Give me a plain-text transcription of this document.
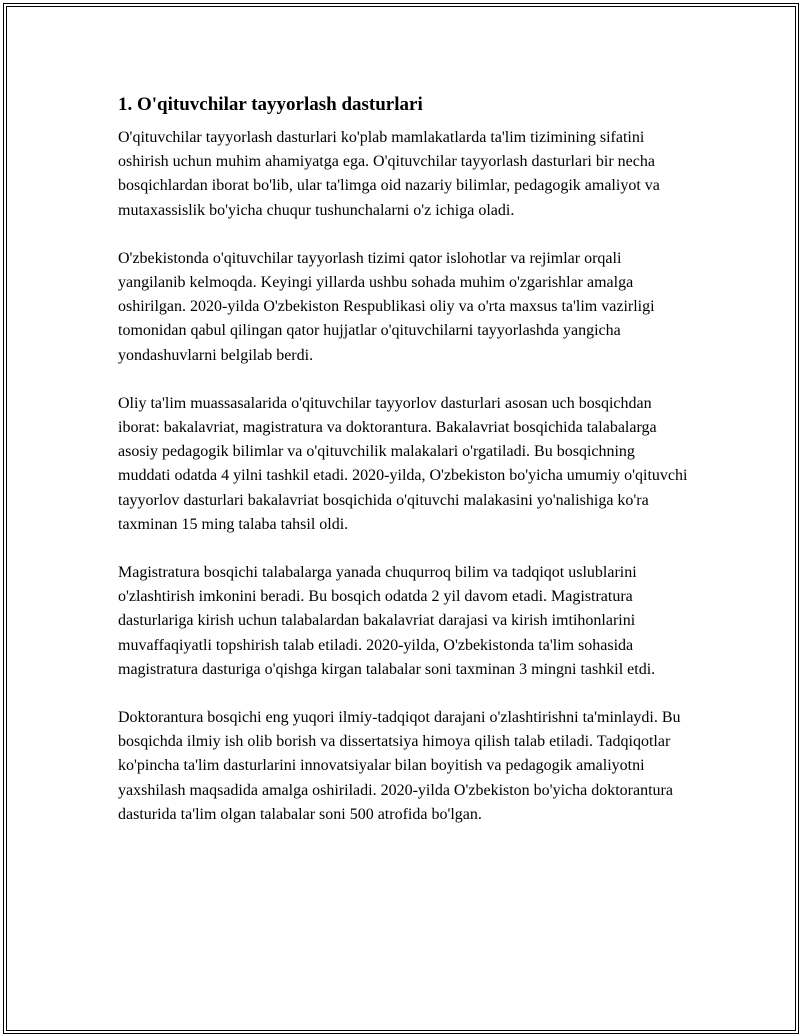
1. O'qituvchilar tayyorlash dasturlari

O'qituvchilar tayyorlash dasturlari ko'plab mamlakatlarda ta'lim tizimining sifatini oshirish uchun muhim ahamiyatga ega. O'qituvchilar tayyorlash dasturlari bir necha bosqichlardan iborat bo'lib, ular ta'limga oid nazariy bilimlar, pedagogik amaliyot va mutaxassislik bo'yicha chuqur tushunchalarni o'z ichiga oladi.

O'zbekistonda o'qituvchilar tayyorlash tizimi qator islohotlar va rejimlar orqali yangilanib kelmoqda. Keyingi yillarda ushbu sohada muhim o'zgarishlar amalga oshirilgan. 2020-yilda O'zbekiston Respublikasi oliy va o'rta maxsus ta'lim vazirligi tomonidan qabul qilingan qator hujjatlar o'qituvchilarni tayyorlashda yangicha yondashuvlarni belgilab berdi.

Oliy ta'lim muassasalarida o'qituvchilar tayyorlov dasturlari asosan uch bosqichdan iborat: bakalavriat, magistratura va doktorantura. Bakalavriat bosqichida talabalarga asosiy pedagogik bilimlar va o'qituvchilik malakalari o'rgatiladi. Bu bosqichning muddati odatda 4 yilni tashkil etadi. 2020-yilda, O'zbekiston bo'yicha umumiy o'qituvchi tayyorlov dasturlari bakalavriat bosqichida o'qituvchi malakasini yo'nalishiga ko'ra taxminan 15 ming talaba tahsil oldi.

Magistratura bosqichi talabalarga yanada chuqurroq bilim va tadqiqot uslublarini o'zlashtirish imkonini beradi. Bu bosqich odatda 2 yil davom etadi. Magistratura dasturlariga kirish uchun talabalardan bakalavriat darajasi va kirish imtihonlarini muvaffaqiyatli topshirish talab etiladi. 2020-yilda, O'zbekistonda ta'lim sohasida magistratura dasturiga o'qishga kirgan talabalar soni taxminan 3 mingni tashkil etdi.

Doktorantura bosqichi eng yuqori ilmiy-tadqiqot darajani o'zlashtirishni ta'minlaydi. Bu bosqichda ilmiy ish olib borish va dissertatsiya himoya qilish talab etiladi. Tadqiqotlar ko'pincha ta'lim dasturlarini innovatsiyalar bilan boyitish va pedagogik amaliyotni yaxshilash maqsadida amalga oshiriladi. 2020-yilda O'zbekiston bo'yicha doktorantura dasturida ta'lim olgan talabalar soni 500 atrofida bo'lgan.
